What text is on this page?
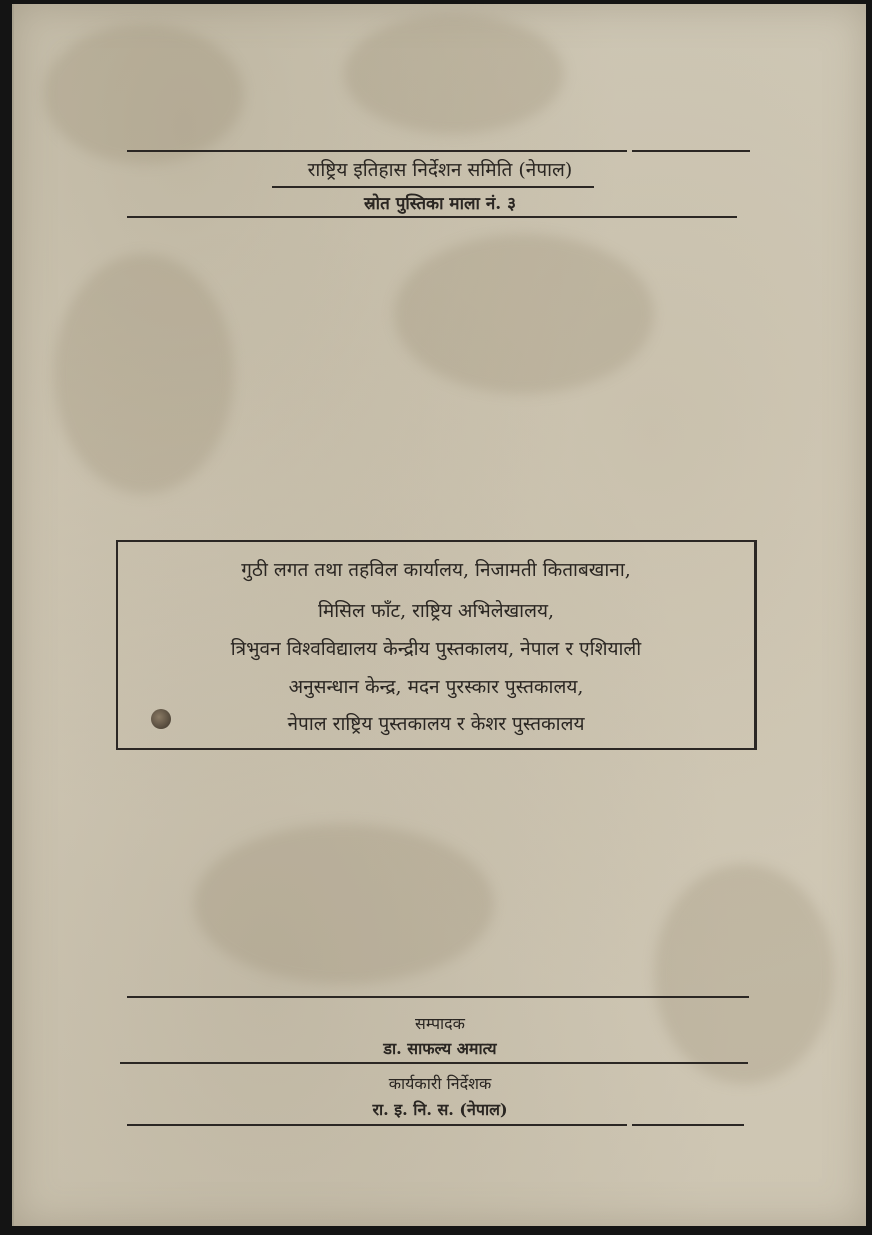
राष्ट्रिय इतिहास निर्देशन समिति (नेपाल)
स्रोत पुस्तिका माला नं. ३
गुठी लगत तथा तहविल कार्यालय, निजामती किताबखाना,
मिसिल फाँट, राष्ट्रिय अभिलेखालय,
त्रिभुवन विश्वविद्यालय केन्द्रीय पुस्तकालय, नेपाल र एशियाली
अनुसन्धान केन्द्र, मदन पुरस्कार पुस्तकालय,
नेपाल राष्ट्रिय पुस्तकालय र केशर पुस्तकालय
सम्पादक
डा. साफल्य अमात्य
कार्यकारी निर्देशक
रा. इ. नि. स. (नेपाल)
